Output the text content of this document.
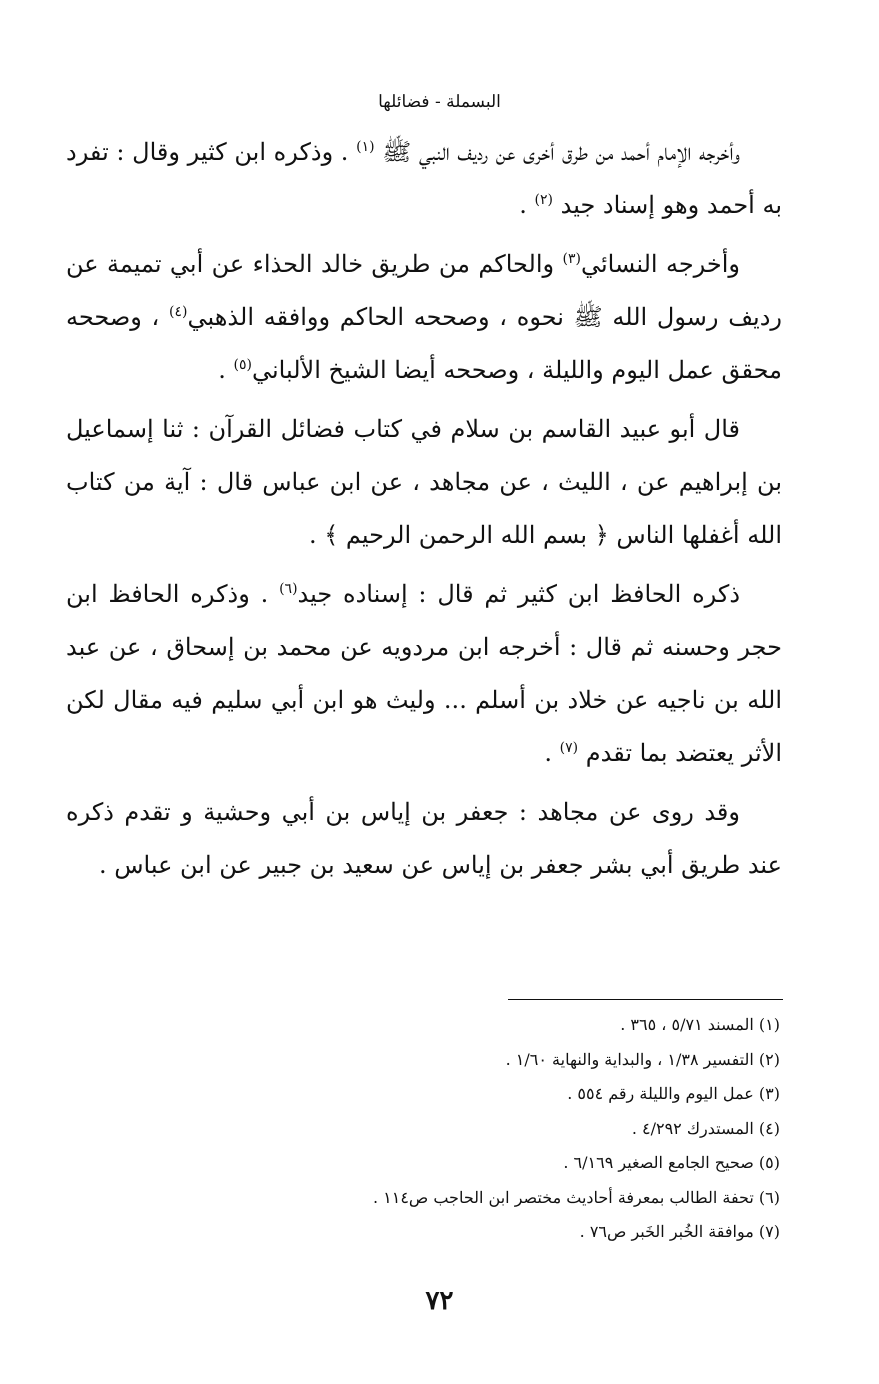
البسملة - فضائلها

وأخرجه الإمام أحمد من طرق أخرى عن رديف النبي ﷺ $^{(١)}$ . وذكره ابن كثير وقال : تفرد به أحمد وهو إسناد جيد $^{(٢)}$ .

وأخرجه النسائي$^{(٣)}$ والحاكم من طريق خالد الحذاء عن أبي تميمة عن رديف رسول الله ﷺ نحوه ، وصححه الحاكم ووافقه الذهبي$^{(٤)}$ ، وصححه محقق عمل اليوم والليلة ، وصححه أيضا الشيخ الألباني$^{(٥)}$ .

قال أبو عبيد القاسم بن سلام في كتاب فضائل القرآن : ثنا إسماعيل بن إبراهيم عن ، الليث ، عن مجاهد ، عن ابن عباس قال : آية من كتاب الله أغفلها الناس ﴿ بسم الله الرحمن الرحيم ﴾ .

ذكره الحافظ ابن كثير ثم قال : إسناده جيد$^{(٦)}$ . وذكره الحافظ ابن حجر وحسنه ثم قال : أخرجه ابن مردويه عن محمد بن إسحاق ، عن عبد الله بن ناجيه عن خلاد بن أسلم ... وليث هو ابن أبي سليم فيه مقال لكن الأثر يعتضد بما تقدم $^{(٧)}$ .

وقد روى عن مجاهد : جعفر بن إياس بن أبي وحشية و تقدم ذكره عند طريق أبي بشر جعفر بن إياس عن سعيد بن جبير عن ابن عباس .

(١) المسند ٥/٧١ ، ٣٦٥ .
(٢) التفسير ١/٣٨ ، والبداية والنهاية ١/٦٠ .
(٣) عمل اليوم والليلة رقم ٥٥٤ .
(٤) المستدرك ٤/٢٩٢ .
(٥) صحيح الجامع الصغير ٦/١٦٩ .
(٦) تحفة الطالب بمعرفة أحاديث مختصر ابن الحاجب ص١١٤ .
(٧) موافقة الخُبر الخَبر ص٧٦ .
٧٢
